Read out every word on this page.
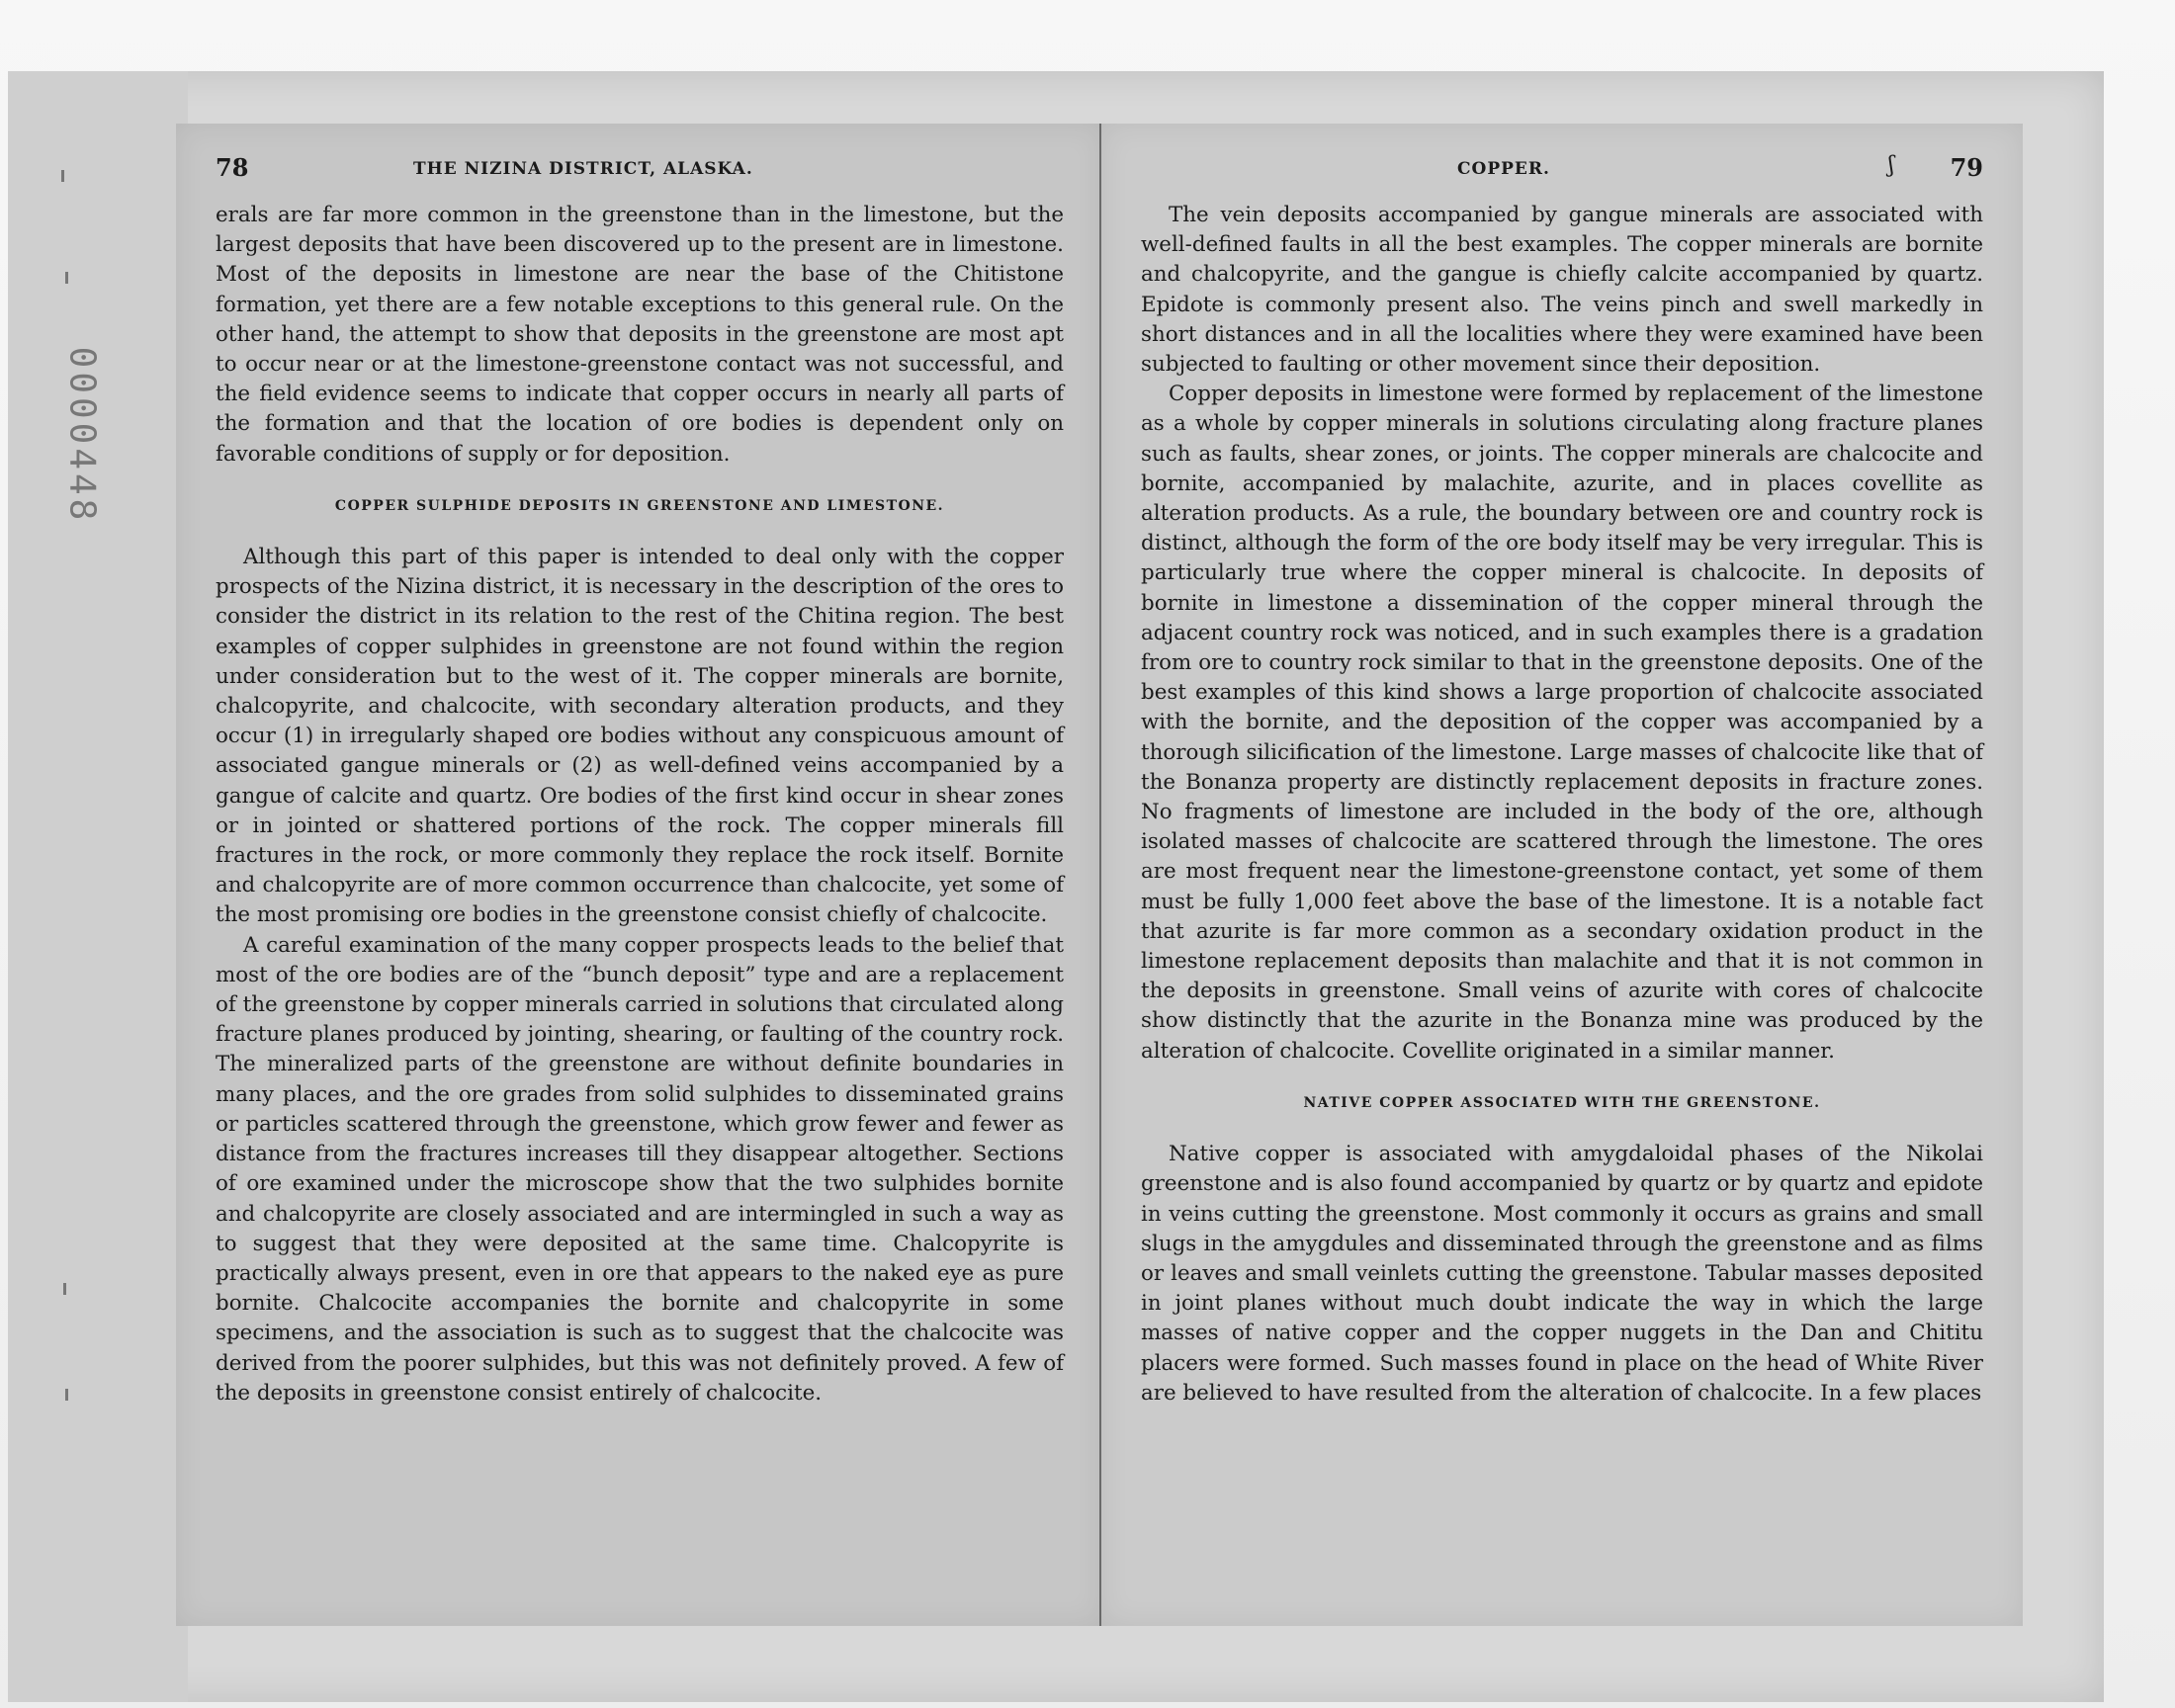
0000448
78	THE NIZINA DISTRICT, ALASKA.

erals are far more common in the greenstone than in the limestone, but the largest deposits that have been discovered up to the present are in limestone. Most of the deposits in limestone are near the base of the Chitistone formation, yet there are a few notable exceptions to this general rule. On the other hand, the attempt to show that deposits in the greenstone are most apt to occur near or at the limestone-greenstone contact was not successful, and the field evidence seems to indicate that copper occurs in nearly all parts of the formation and that the location of ore bodies is dependent only on favorable conditions of supply or for deposition.

COPPER SULPHIDE DEPOSITS IN GREENSTONE AND LIMESTONE.

Although this part of this paper is intended to deal only with the copper prospects of the Nizina district, it is necessary in the description of the ores to consider the district in its relation to the rest of the Chitina region. The best examples of copper sulphides in greenstone are not found within the region under consideration but to the west of it. The copper minerals are bornite, chalcopyrite, and chalcocite, with secondary alteration products, and they occur (1) in irregularly shaped ore bodies without any conspicuous amount of associated gangue minerals or (2) as well-defined veins accompanied by a gangue of calcite and quartz. Ore bodies of the first kind occur in shear zones or in jointed or shattered portions of the rock. The copper minerals fill fractures in the rock, or more commonly they replace the rock itself. Bornite and chalcopyrite are of more common occurrence than chalcocite, yet some of the most promising ore bodies in the greenstone consist chiefly of chalcocite.

A careful examination of the many copper prospects leads to the belief that most of the ore bodies are of the “bunch deposit” type and are a replacement of the greenstone by copper minerals carried in solutions that circulated along fracture planes produced by jointing, shearing, or faulting of the country rock. The mineralized parts of the greenstone are without definite boundaries in many places, and the ore grades from solid sulphides to disseminated grains or particles scattered through the greenstone, which grow fewer and fewer as distance from the fractures increases till they disappear altogether. Sections of ore examined under the microscope show that the two sulphides bornite and chalcopyrite are closely associated and are intermingled in such a way as to suggest that they were deposited at the same time. Chalcopyrite is practically always present, even in ore that appears to the naked eye as pure bornite. Chalcocite accompanies the bornite and chalcopyrite in some specimens, and the association is such as to suggest that the chalcocite was derived from the poorer sulphides, but this was not definitely proved. A few of the deposits in greenstone consist entirely of chalcocite.

COPPER.	ʃ 79

The vein deposits accompanied by gangue minerals are associated with well-defined faults in all the best examples. The copper minerals are bornite and chalcopyrite, and the gangue is chiefly calcite accompanied by quartz. Epidote is commonly present also. The veins pinch and swell markedly in short distances and in all the localities where they were examined have been subjected to faulting or other movement since their deposition.

Copper deposits in limestone were formed by replacement of the limestone as a whole by copper minerals in solutions circulating along fracture planes such as faults, shear zones, or joints. The copper minerals are chalcocite and bornite, accompanied by malachite, azurite, and in places covellite as alteration products. As a rule, the boundary between ore and country rock is distinct, although the form of the ore body itself may be very irregular. This is particularly true where the copper mineral is chalcocite. In deposits of bornite in limestone a dissemination of the copper mineral through the adjacent country rock was noticed, and in such examples there is a gradation from ore to country rock similar to that in the greenstone deposits. One of the best examples of this kind shows a large proportion of chalcocite associated with the bornite, and the deposition of the copper was accompanied by a thorough silicification of the limestone. Large masses of chalcocite like that of the Bonanza property are distinctly replacement deposits in fracture zones. No fragments of limestone are included in the body of the ore, although isolated masses of chalcocite are scattered through the limestone. The ores are most frequent near the limestone-greenstone contact, yet some of them must be fully 1,000 feet above the base of the limestone. It is a notable fact that azurite is far more common as a secondary oxidation product in the limestone replacement deposits than malachite and that it is not common in the deposits in greenstone. Small veins of azurite with cores of chalcocite show distinctly that the azurite in the Bonanza mine was produced by the alteration of chalcocite. Covellite originated in a similar manner.

NATIVE COPPER ASSOCIATED WITH THE GREENSTONE.

Native copper is associated with amygdaloidal phases of the Nikolai greenstone and is also found accompanied by quartz or by quartz and epidote in veins cutting the greenstone. Most commonly it occurs as grains and small slugs in the amygdules and disseminated through the greenstone and as films or leaves and small veinlets cutting the greenstone. Tabular masses deposited in joint planes without much doubt indicate the way in which the large masses of native copper and the copper nuggets in the Dan and Chititu placers were formed. Such masses found in place on the head of White River are believed to have resulted from the alteration of chalcocite. In a few places
